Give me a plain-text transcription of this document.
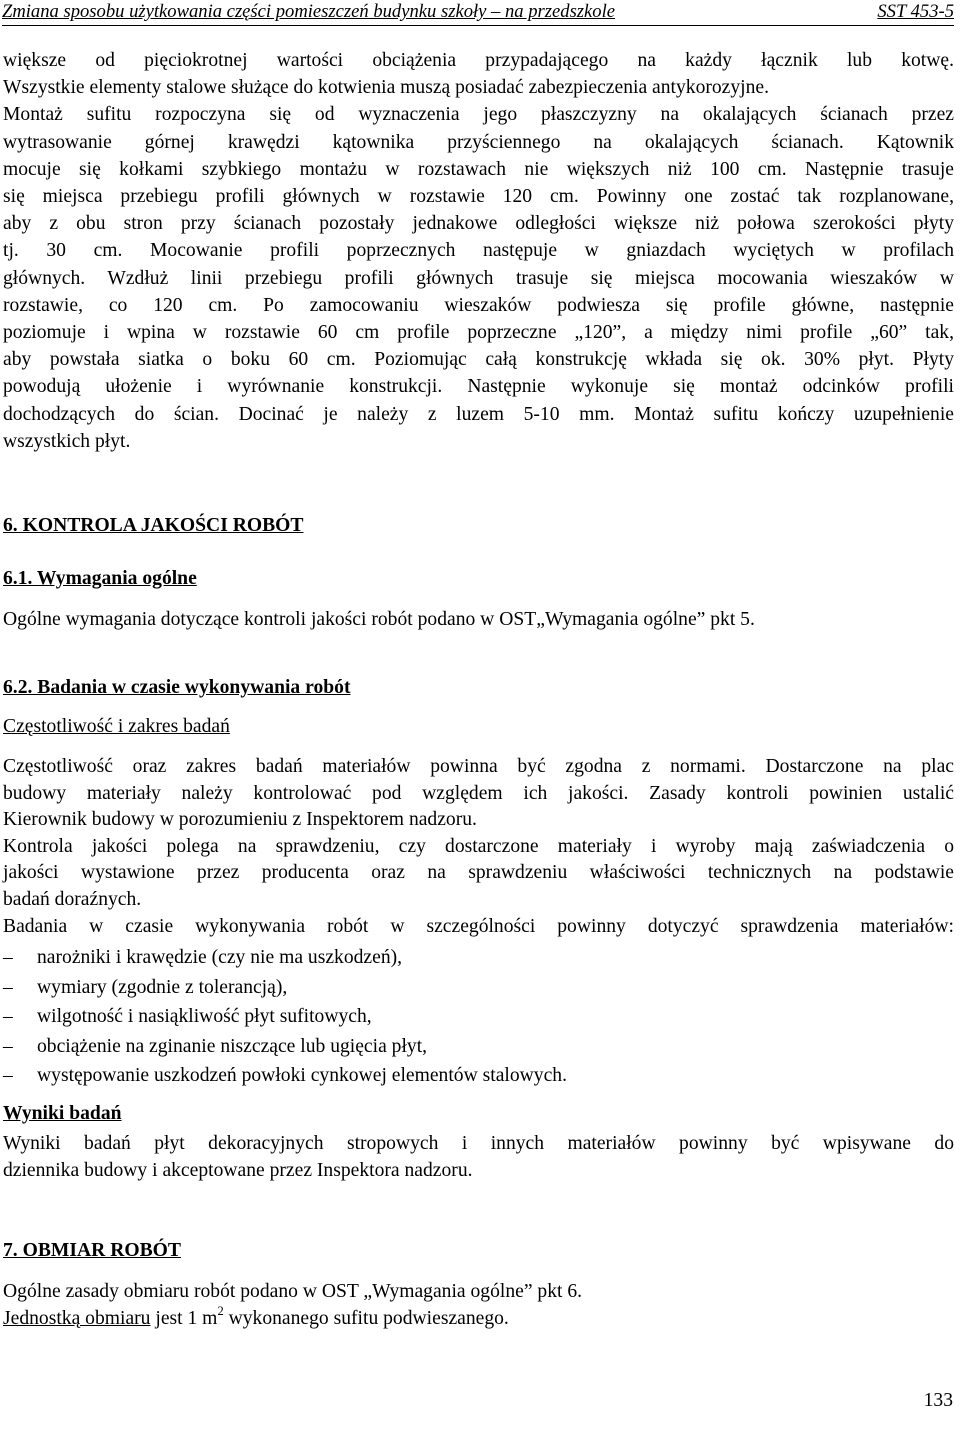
Zmiana sposobu użytkowania części pomieszczeń budynku szkoły – na przedszkole	SST 453-5
większe od pięciokrotnej wartości obciążenia przypadającego na każdy łącznik lub kotwę.
Wszystkie elementy stalowe służące do kotwienia muszą posiadać zabezpieczenia antykorozyjne.
Montaż sufitu rozpoczyna się od wyznaczenia jego płaszczyzny na okalających ścianach przez
wytrasowanie górnej krawędzi kątownika przyściennego na okalających ścianach. Kątownik
mocuje się kołkami szybkiego montażu w rozstawach nie większych niż 100 cm. Następnie trasuje
się miejsca przebiegu profili głównych w rozstawie 120 cm. Powinny one zostać tak rozplanowane,
aby z obu stron przy ścianach pozostały jednakowe odległości większe niż połowa szerokości płyty
tj. 30 cm. Mocowanie profili poprzecznych następuje w gniazdach wyciętych w profilach
głównych. Wzdłuż linii przebiegu profili głównych trasuje się miejsca mocowania wieszaków w
rozstawie, co 120 cm. Po zamocowaniu wieszaków podwiesza się profile główne, następnie
poziomuje i wpina w rozstawie 60 cm profile poprzeczne „120”, a między nimi profile „60” tak,
aby powstała siatka o boku 60 cm. Poziomując całą konstrukcję wkłada się ok. 30% płyt. Płyty
powodują ułożenie i wyrównanie konstrukcji. Następnie wykonuje się montaż odcinków profili
dochodzących do ścian. Docinać je należy z luzem 5-10 mm. Montaż sufitu kończy uzupełnienie
wszystkich płyt.
6. KONTROLA JAKOŚCI ROBÓT
6.1. Wymagania ogólne
Ogólne wymagania dotyczące kontroli jakości robót podano w OST„Wymagania ogólne” pkt 5.
6.2. Badania w czasie wykonywania robót
Częstotliwość i zakres badań
Częstotliwość oraz zakres badań materiałów powinna być zgodna z normami. Dostarczone na plac
budowy materiały należy kontrolować pod względem ich jakości. Zasady kontroli powinien ustalić
Kierownik budowy w porozumieniu z Inspektorem nadzoru.
Kontrola jakości polega na sprawdzeniu, czy dostarczone materiały i wyroby mają zaświadczenia o
jakości wystawione przez producenta oraz na sprawdzeniu właściwości technicznych na podstawie
badań doraźnych.
Badania w czasie wykonywania robót w szczególności powinny dotyczyć sprawdzenia materiałów:
– narożniki i krawędzie (czy nie ma uszkodzeń),
– wymiary (zgodnie z tolerancją),
– wilgotność i nasiąkliwość płyt sufitowych,
– obciążenie na zginanie niszczące lub ugięcia płyt,
– występowanie uszkodzeń powłoki cynkowej elementów stalowych.
Wyniki badań
Wyniki badań płyt dekoracyjnych stropowych i innych materiałów powinny być wpisywane do
dziennika budowy i akceptowane przez Inspektora nadzoru.
7. OBMIAR ROBÓT
Ogólne zasady obmiaru robót podano w OST „Wymagania ogólne” pkt 6.
Jednostką obmiaru jest 1 $m^2$ wykonanego sufitu podwieszanego.
133
